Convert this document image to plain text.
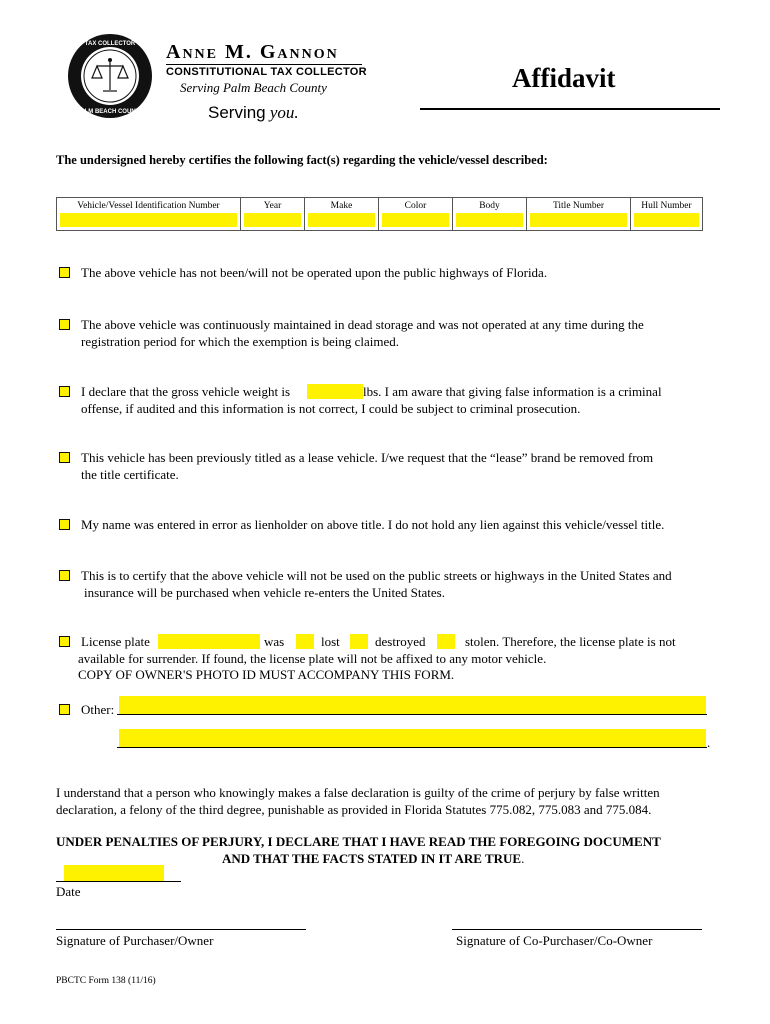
TAX COLLECTOR
PALM BEACH COUNTY
Anne M. Gannon
CONSTITUTIONAL TAX COLLECTOR
Serving Palm Beach County
Serving you.
Affidavit
The undersigned hereby certifies the following fact(s) regarding the vehicle/vessel described:
Vehicle/Vessel Identification Number	Year	Make	Color	Body	Title Number	Hull Number
The above vehicle has not been/will not be operated upon the public highways of Florida.
The above vehicle was continuously maintained in dead storage and was not operated at any time during the
registration period for which the exemption is being claimed.
I declare that the gross vehicle weight is	lbs. I am aware that giving false information is a criminal
offense, if audited and this information is not correct, I could be subject to criminal prosecution.
This vehicle has been previously titled as a lease vehicle. I/we request that the “lease” brand be removed from
the title certificate.
My name was entered in error as lienholder on above title. I do not hold any lien against this vehicle/vessel title.
This is to certify that the above vehicle will not be used on the public streets or highways in the United States and
insurance will be purchased when vehicle re-enters the United States.
License plate	was	lost	destroyed	stolen. Therefore, the license plate is not
available for surrender. If found, the license plate will not be affixed to any motor vehicle.
COPY OF OWNER'S PHOTO ID MUST ACCOMPANY THIS FORM.
Other:
.
I understand that a person who knowingly makes a false declaration is guilty of the crime of perjury by false written
declaration, a felony of the third degree, punishable as provided in Florida Statutes 775.082, 775.083 and 775.084.
UNDER PENALTIES OF PERJURY, I DECLARE THAT I HAVE READ THE FOREGOING DOCUMENT
AND THAT THE FACTS STATED IN IT ARE TRUE.
Date
Signature of Purchaser/Owner	Signature of Co-Purchaser/Co-Owner
PBCTC Form 138 (11/16)
